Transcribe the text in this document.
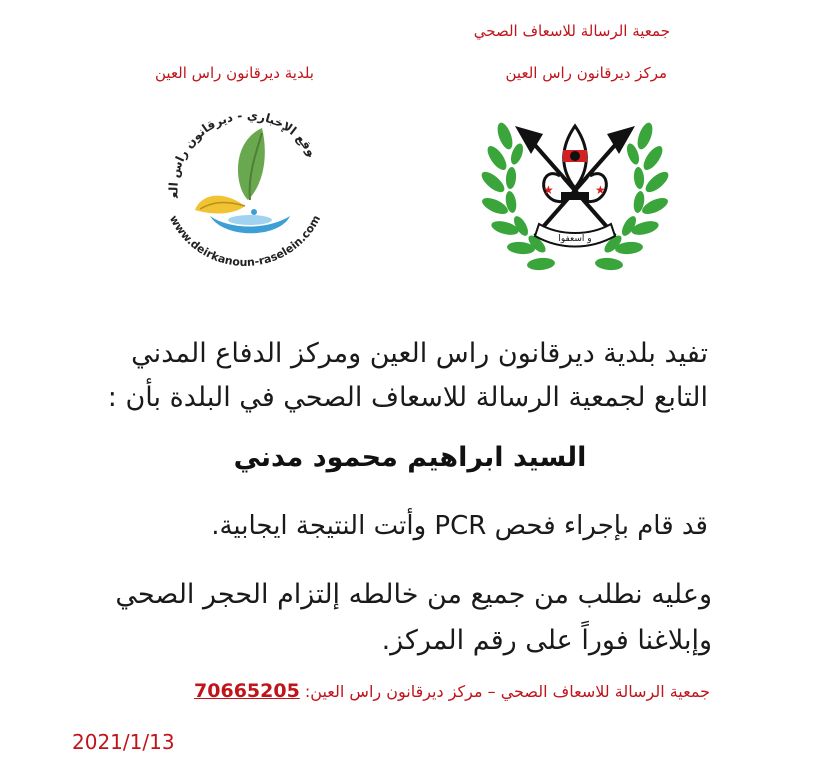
جمعية الرسالة للاسعاف الصحي
مركز ديرقانون راس العين
بلدية ديرقانون راس العين
وقع الإخباري - ديرقانون راس الع
www.deirkanoun-raselein.com
★	★
و اسعفوا
تفيد بلدية ديرقانون راس العين ومركز الدفاع المدني
التابع لجمعية الرسالة للاسعاف الصحي في البلدة بأن :
السيد ابراهيم محمود مدني
قد قام بإجراء فحص PCR وأتت النتيجة ايجابية.
وعليه نطلب من جميع من خالطه إلتزام الحجر الصحي
وإبلاغنا فوراً على رقم المركز.
جمعية الرسالة للاسعاف الصحي – مركز ديرقانون راس العين: 70665205
2021/1/13
